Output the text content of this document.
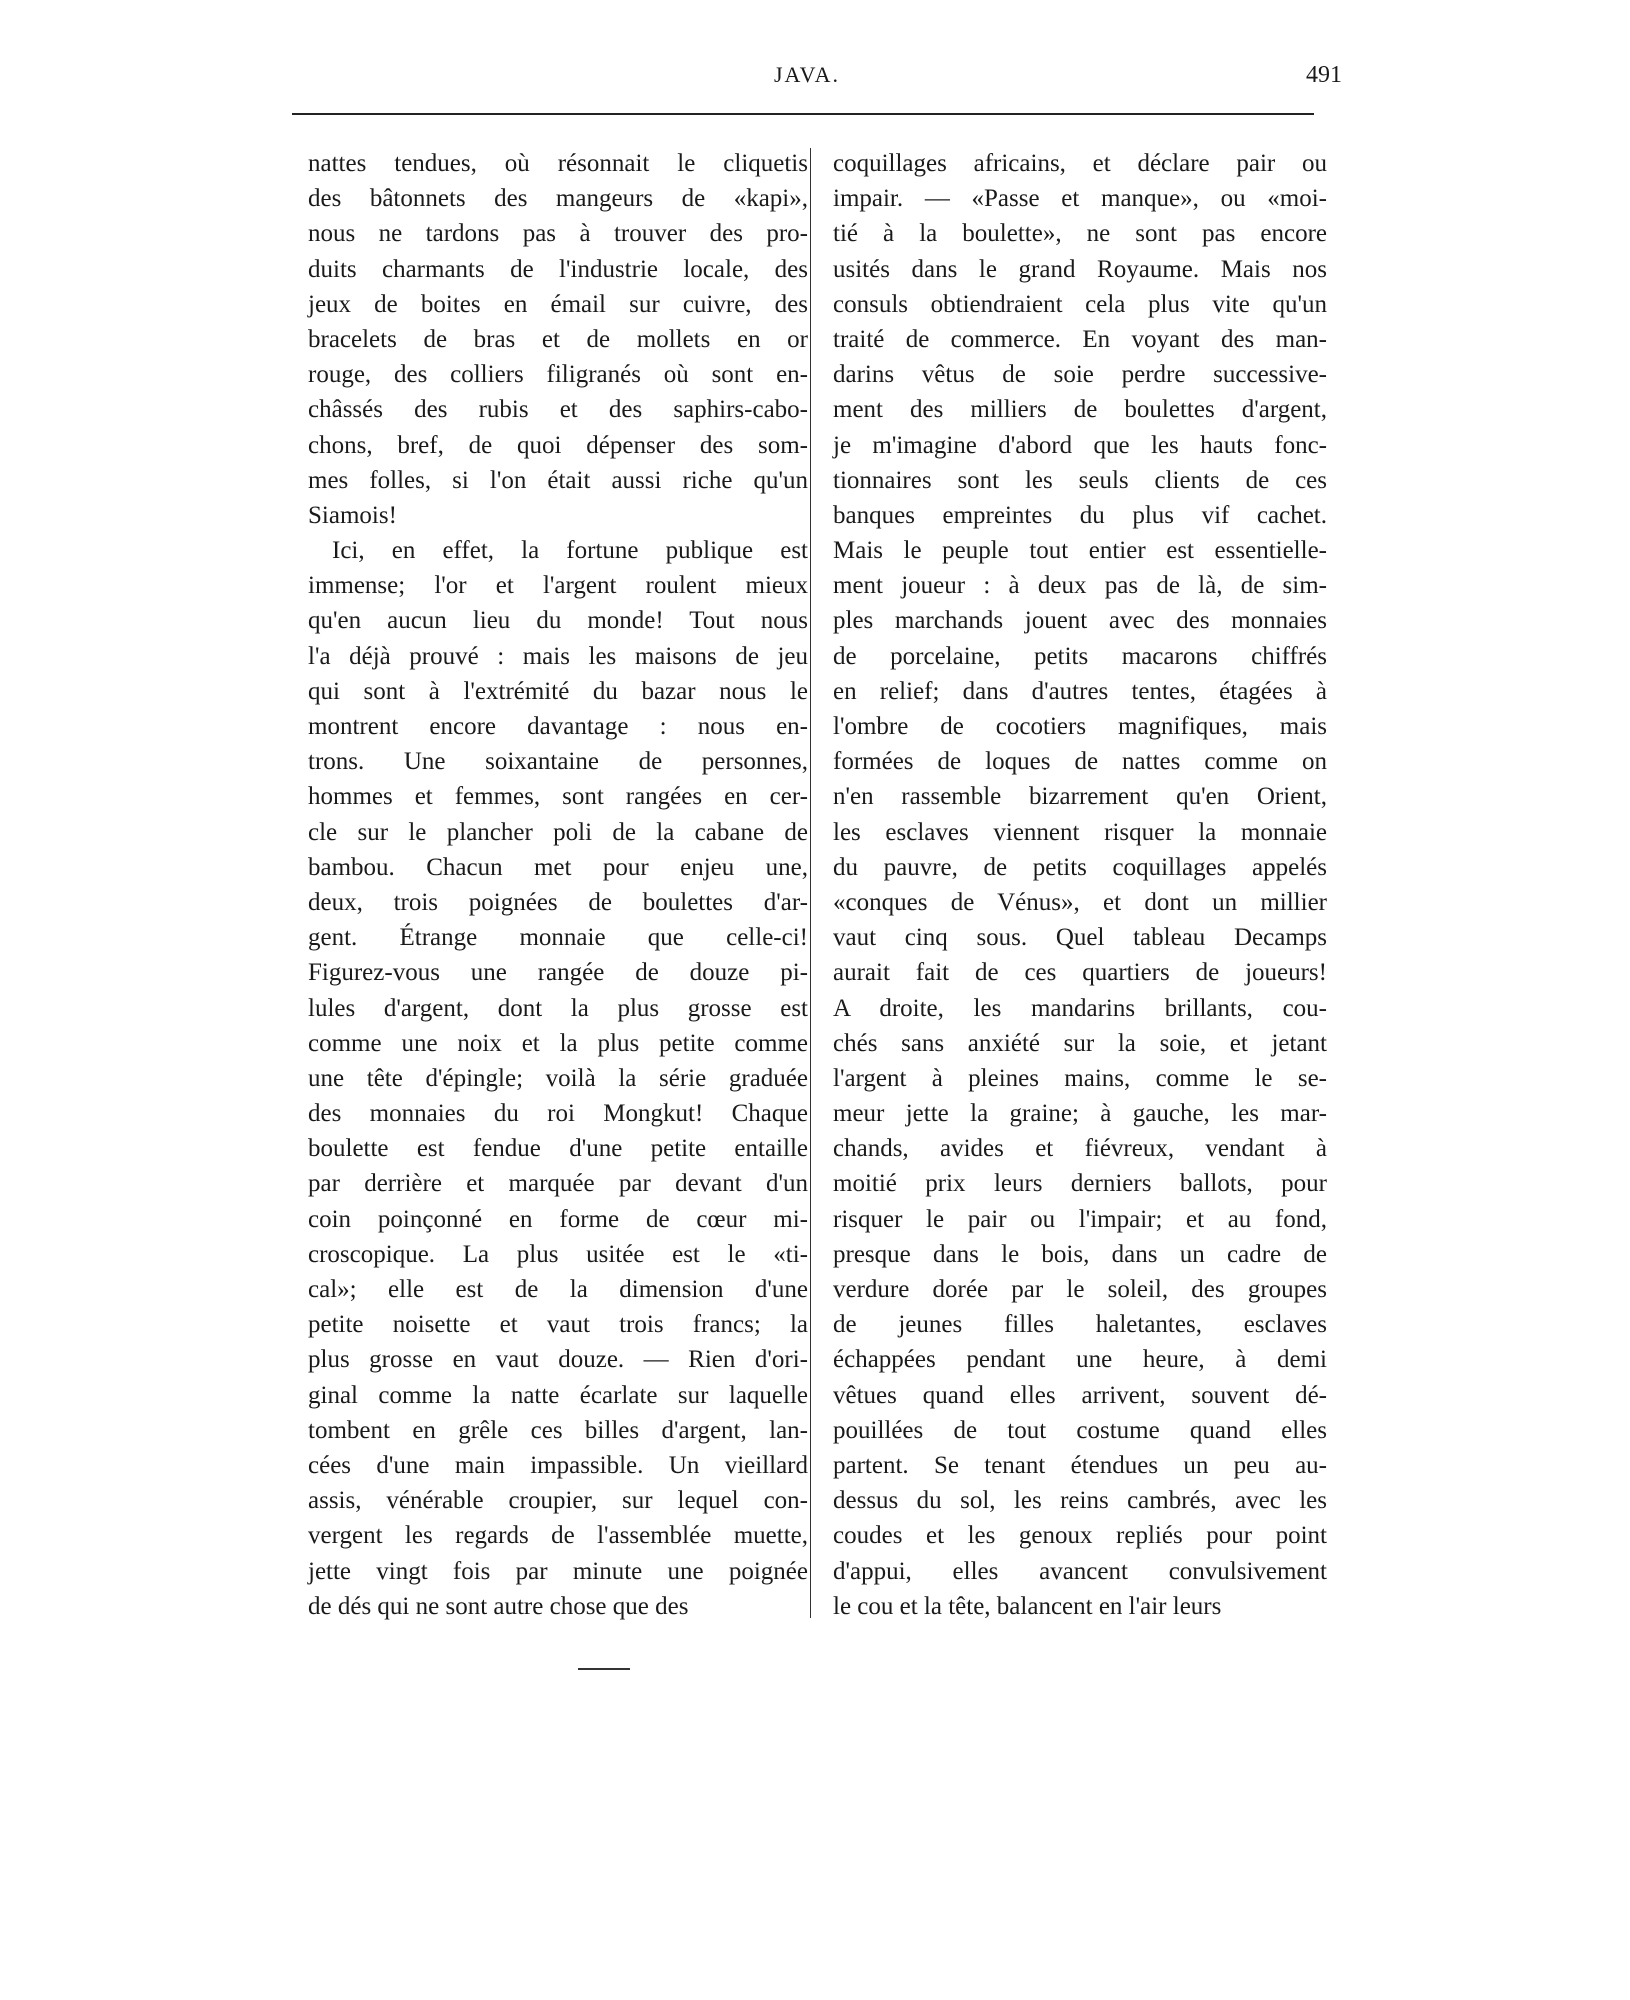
JAVA.	491
nattes tendues, où résonnait le cliquetis
des bâtonnets des mangeurs de «kapi»,
nous ne tardons pas à trouver des pro-
duits charmants de l'industrie locale, des
jeux de boites en émail sur cuivre, des
bracelets de bras et de mollets en or
rouge, des colliers filigranés où sont en-
châssés des rubis et des saphirs-cabo-
chons, bref, de quoi dépenser des som-
mes folles, si l'on était aussi riche qu'un
Siamois!
Ici, en effet, la fortune publique est
immense; l'or et l'argent roulent mieux
qu'en aucun lieu du monde! Tout nous
l'a déjà prouvé : mais les maisons de jeu
qui sont à l'extrémité du bazar nous le
montrent encore davantage : nous en-
trons. Une soixantaine de personnes,
hommes et femmes, sont rangées en cer-
cle sur le plancher poli de la cabane de
bambou. Chacun met pour enjeu une,
deux, trois poignées de boulettes d'ar-
gent. Étrange monnaie que celle-ci!
Figurez-vous une rangée de douze pi-
lules d'argent, dont la plus grosse est
comme une noix et la plus petite comme
une tête d'épingle; voilà la série graduée
des monnaies du roi Mongkut! Chaque
boulette est fendue d'une petite entaille
par derrière et marquée par devant d'un
coin poinçonné en forme de cœur mi-
croscopique. La plus usitée est le «ti-
cal»; elle est de la dimension d'une
petite noisette et vaut trois francs; la
plus grosse en vaut douze. — Rien d'ori-
ginal comme la natte écarlate sur laquelle
tombent en grêle ces billes d'argent, lan-
cées d'une main impassible. Un vieillard
assis, vénérable croupier, sur lequel con-
vergent les regards de l'assemblée muette,
jette vingt fois par minute une poignée
de dés qui ne sont autre chose que des
coquillages africains, et déclare pair ou
impair. — «Passe et manque», ou «moi-
tié à la boulette», ne sont pas encore
usités dans le grand Royaume. Mais nos
consuls obtiendraient cela plus vite qu'un
traité de commerce. En voyant des man-
darins vêtus de soie perdre successive-
ment des milliers de boulettes d'argent,
je m'imagine d'abord que les hauts fonc-
tionnaires sont les seuls clients de ces
banques empreintes du plus vif cachet.
Mais le peuple tout entier est essentielle-
ment joueur : à deux pas de là, de sim-
ples marchands jouent avec des monnaies
de porcelaine, petits macarons chiffrés
en relief; dans d'autres tentes, étagées à
l'ombre de cocotiers magnifiques, mais
formées de loques de nattes comme on
n'en rassemble bizarrement qu'en Orient,
les esclaves viennent risquer la monnaie
du pauvre, de petits coquillages appelés
«conques de Vénus», et dont un millier
vaut cinq sous. Quel tableau Decamps
aurait fait de ces quartiers de joueurs!
A droite, les mandarins brillants, cou-
chés sans anxiété sur la soie, et jetant
l'argent à pleines mains, comme le se-
meur jette la graine; à gauche, les mar-
chands, avides et fiévreux, vendant à
moitié prix leurs derniers ballots, pour
risquer le pair ou l'impair; et au fond,
presque dans le bois, dans un cadre de
verdure dorée par le soleil, des groupes
de jeunes filles haletantes, esclaves
échappées pendant une heure, à demi
vêtues quand elles arrivent, souvent dé-
pouillées de tout costume quand elles
partent. Se tenant étendues un peu au-
dessus du sol, les reins cambrés, avec les
coudes et les genoux repliés pour point
d'appui, elles avancent convulsivement
le cou et la tête, balancent en l'air leurs
